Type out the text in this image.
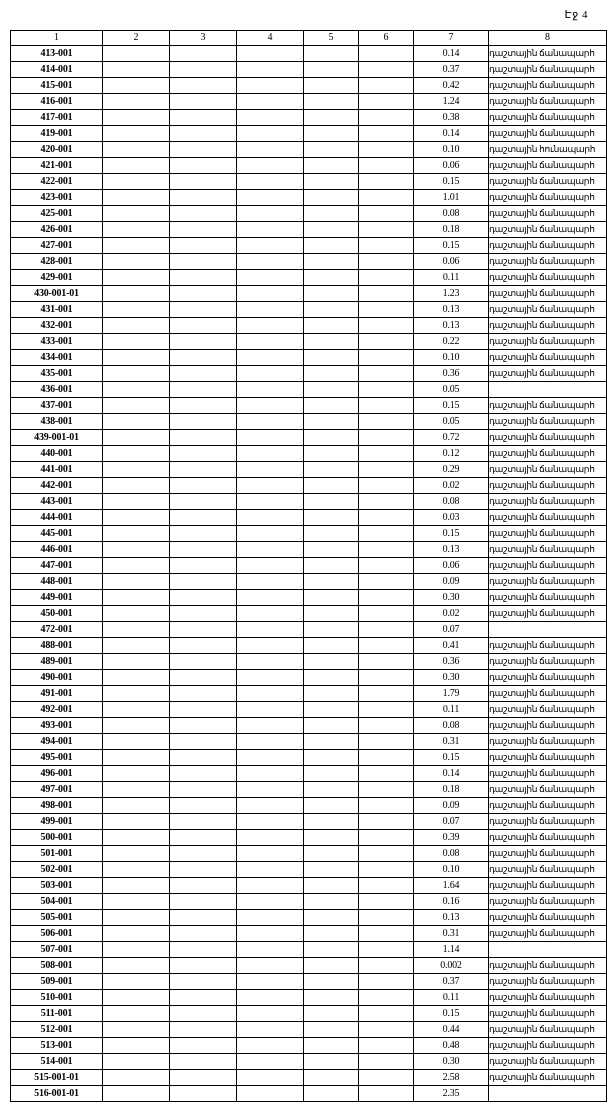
Էջ 4
1	2	3	4	5	6	7	8
413-001						0.14	դաշտային ճանապարհ
414-001						0.37	դաշտային ճանապարհ
415-001						0.42	դաշտային ճանապարհ
416-001						1.24	դաշտային ճանապարհ
417-001						0.38	դաշտային ճանապարհ
419-001						0.14	դաշտային ճանապարհ
420-001						0.10	դաշտային հունապարհ
421-001						0.06	դաշտային ճանապարհ
422-001						0.15	դաշտային ճանապարհ
423-001						1.01	դաշտային ճանապարհ
425-001						0.08	դաշտային ճանապարհ
426-001						0.18	դաշտային ճանապարհ
427-001						0.15	դաշտային ճանապարհ
428-001						0.06	դաշտային ճանապարհ
429-001						0.11	դաշտային ճանապարհ
430-001-01						1.23	դաշտային ճանապարհ
431-001						0.13	դաշտային ճանապարհ
432-001						0.13	դաշտային ճանապարհ
433-001						0.22	դաշտային ճանապարհ
434-001						0.10	դաշտային ճանապարհ
435-001						0.36	դաշտային ճանապարհ
436-001						0.05	
437-001						0.15	դաշտային ճանապարհ
438-001						0.05	դաշտային ճանապարհ
439-001-01						0.72	դաշտային ճանապարհ
440-001						0.12	դաշտային ճանապարհ
441-001						0.29	դաշտային ճանապարհ
442-001						0.02	դաշտային ճանապարհ
443-001						0.08	դաշտային ճանապարհ
444-001						0.03	դաշտային ճանապարհ
445-001						0.15	դաշտային ճանապարհ
446-001						0.13	դաշտային ճանապարհ
447-001						0.06	դաշտային ճանապարհ
448-001						0.09	դաշտային ճանապարհ
449-001						0.30	դաշտային ճանապարհ
450-001						0.02	դաշտային ճանապարհ
472-001						0.07	
488-001						0.41	դաշտային ճանապարհ
489-001						0.36	դաշտային ճանապարհ
490-001						0.30	դաշտային ճանապարհ
491-001						1.79	դաշտային ճանապարհ
492-001						0.11	դաշտային ճանապարհ
493-001						0.08	դաշտային ճանապարհ
494-001						0.31	դաշտային ճանապարհ
495-001						0.15	դաշտային ճանապարհ
496-001						0.14	դաշտային ճանապարհ
497-001						0.18	դաշտային ճանապարհ
498-001						0.09	դաշտային ճանապարհ
499-001						0.07	դաշտային ճանապարհ
500-001						0.39	դաշտային ճանապարհ
501-001						0.08	դաշտային ճանապարհ
502-001						0.10	դաշտային ճանապարհ
503-001						1.64	դաշտային ճանապարհ
504-001						0.16	դաշտային ճանապարհ
505-001						0.13	դաշտային ճանապարհ
506-001						0.31	դաշտային ճանապարհ
507-001						1.14	
508-001						0.002	դաշտային ճանապարհ
509-001						0.37	դաշտային ճանապարհ
510-001						0.11	դաշտային ճանապարհ
511-001						0.15	դաշտային ճանապարհ
512-001						0.44	դաշտային ճանապարհ
513-001						0.48	դաշտային ճանապարհ
514-001						0.30	դաշտային ճանապարհ
515-001-01						2.58	դաշտային ճանապարհ
516-001-01						2.35	
